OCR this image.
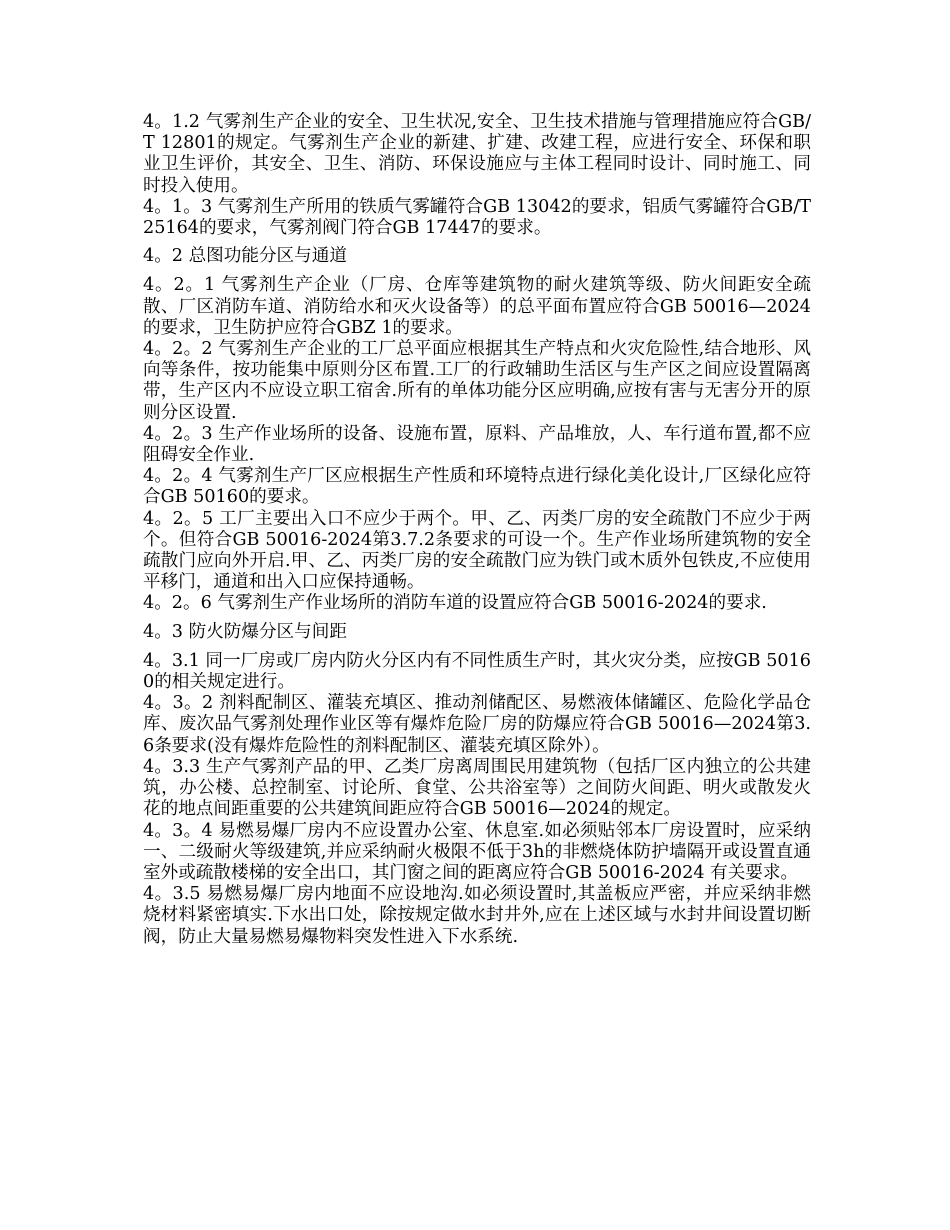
4。1.2 气雾剂生产企业的安全、卫生状况,安全、卫生技术措施与管理措施应符合GB/T 12801的规定。气雾剂生产企业的新建、扩建、改建工程，应进行安全、环保和职业卫生评价，其安全、卫生、消防、环保设施应与主体工程同时设计、同时施工、同时投入使用。

4。1。3 气雾剂生产所用的铁质气雾罐符合GB 13042的要求，铝质气雾罐符合GB/T 25164的要求，气雾剂阀门符合GB 17447的要求。

4。2 总图功能分区与通道

4。2。1 气雾剂生产企业（厂房、仓库等建筑物的耐火建筑等级、防火间距安全疏散、厂区消防车道、消防给水和灭火设备等）的总平面布置应符合GB 50016—2024的要求，卫生防护应符合GBZ 1的要求。

4。2。2 气雾剂生产企业的工厂总平面应根据其生产特点和火灾危险性,结合地形、风向等条件，按功能集中原则分区布置.工厂的行政辅助生活区与生产区之间应设置隔离带，生产区内不应设立职工宿舍.所有的单体功能分区应明确,应按有害与无害分开的原则分区设置.

4。2。3 生产作业场所的设备、设施布置，原料、产品堆放，人、车行道布置,都不应阻碍安全作业.

4。2。4 气雾剂生产厂区应根据生产性质和环境特点进行绿化美化设计,厂区绿化应符合GB 50160的要求。

4。2。5 工厂主要出入口不应少于两个。甲、乙、丙类厂房的安全疏散门不应少于两个。但符合GB 50016-2024第3.7.2条要求的可设一个。生产作业场所建筑物的安全疏散门应向外开启.甲、乙、丙类厂房的安全疏散门应为铁门或木质外包铁皮,不应使用平移门，通道和出入口应保持通畅。

4。2。6 气雾剂生产作业场所的消防车道的设置应符合GB 50016-2024的要求.

4。3 防火防爆分区与间距

4。3.1 同一厂房或厂房内防火分区内有不同性质生产时，其火灾分类，应按GB 50160的相关规定进行。

4。3。2 剂料配制区、灌装充填区、推动剂储配区、易燃液体储罐区、危险化学品仓库、废次品气雾剂处理作业区等有爆炸危险厂房的防爆应符合GB 50016—2024第3.6条要求(没有爆炸危险性的剂料配制区、灌装充填区除外）。

4。3.3 生产气雾剂产品的甲、乙类厂房离周围民用建筑物（包括厂区内独立的公共建筑，办公楼、总控制室、讨论所、食堂、公共浴室等）之间防火间距、明火或散发火花的地点间距重要的公共建筑间距应符合GB 50016—2024的规定。

4。3。4 易燃易爆厂房内不应设置办公室、休息室.如必须贴邻本厂房设置时，应采纳一、二级耐火等级建筑,并应采纳耐火极限不低于3h的非燃烧体防护墙隔开或设置直通室外或疏散楼梯的安全出口，其门窗之间的距离应符合GB 50016-2024 有关要求。

4。3.5 易燃易爆厂房内地面不应设地沟.如必须设置时,其盖板应严密，并应采纳非燃烧材料紧密填实.下水出口处，除按规定做水封井外,应在上述区域与水封井间设置切断阀，防止大量易燃易爆物料突发性进入下水系统.
